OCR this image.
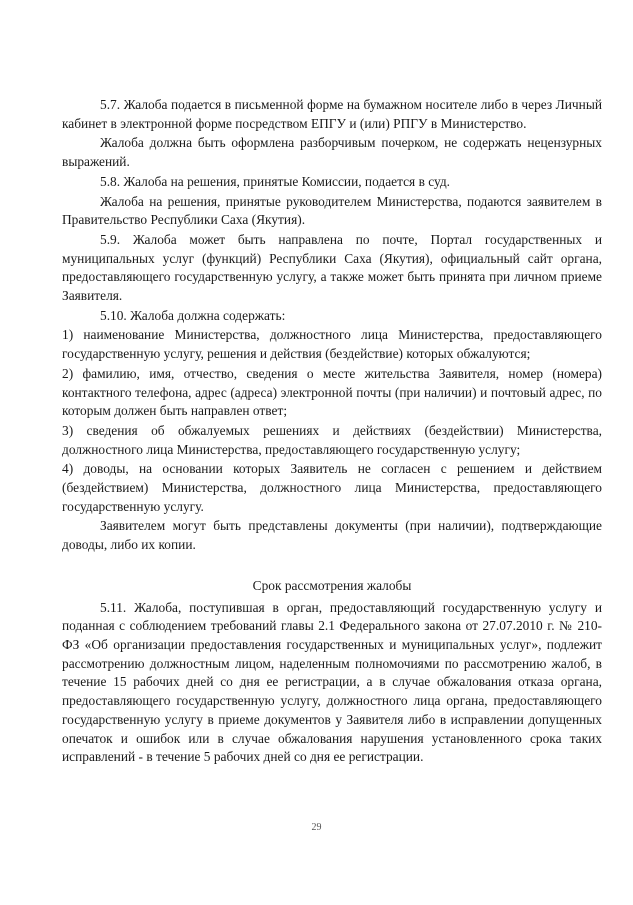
5.7. Жалоба подается в письменной форме на бумажном носителе либо в через Личный кабинет в электронной форме посредством ЕПГУ и (или) РПГУ в Министерство.

Жалоба должна быть оформлена разборчивым почерком, не содержать нецензурных выражений.

5.8. Жалоба на решения, принятые Комиссии, подается в суд.

Жалоба на решения, принятые руководителем Министерства, подаются заявителем в Правительство Республики Саха (Якутия).

5.9. Жалоба может быть направлена по почте, Портал государственных и муниципальных услуг (функций) Республики Саха (Якутия), официальный сайт органа, предоставляющего государственную услугу, а также может быть принята при личном приеме Заявителя.

5.10. Жалоба должна содержать:

1) наименование Министерства, должностного лица Министерства, предоставляющего государственную услугу, решения и действия (бездействие) которых обжалуются;

2) фамилию, имя, отчество, сведения о месте жительства Заявителя, номер (номера) контактного телефона, адрес (адреса) электронной почты (при наличии) и почтовый адрес, по которым должен быть направлен ответ;

3) сведения об обжалуемых решениях и действиях (бездействии) Министерства, должностного лица Министерства, предоставляющего государственную услугу;

4) доводы, на основании которых Заявитель не согласен с решением и действием (бездействием) Министерства, должностного лица Министерства, предоставляющего государственную услугу.

Заявителем могут быть представлены документы (при наличии), подтверждающие доводы, либо их копии.

Срок рассмотрения жалобы

5.11. Жалоба, поступившая в орган, предоставляющий государственную услугу и поданная с соблюдением требований главы 2.1 Федерального закона от 27.07.2010 г. № 210-ФЗ «Об организации предоставления государственных и муниципальных услуг», подлежит рассмотрению должностным лицом, наделенным полномочиями по рассмотрению жалоб, в течение 15 рабочих дней со дня ее регистрации, а в случае обжалования отказа органа, предоставляющего государственную услугу, должностного лица органа, предоставляющего государственную услугу в приеме документов у Заявителя либо в исправлении допущенных опечаток и ошибок или в случае обжалования нарушения установленного срока таких исправлений - в течение 5 рабочих дней со дня ее регистрации.

29
